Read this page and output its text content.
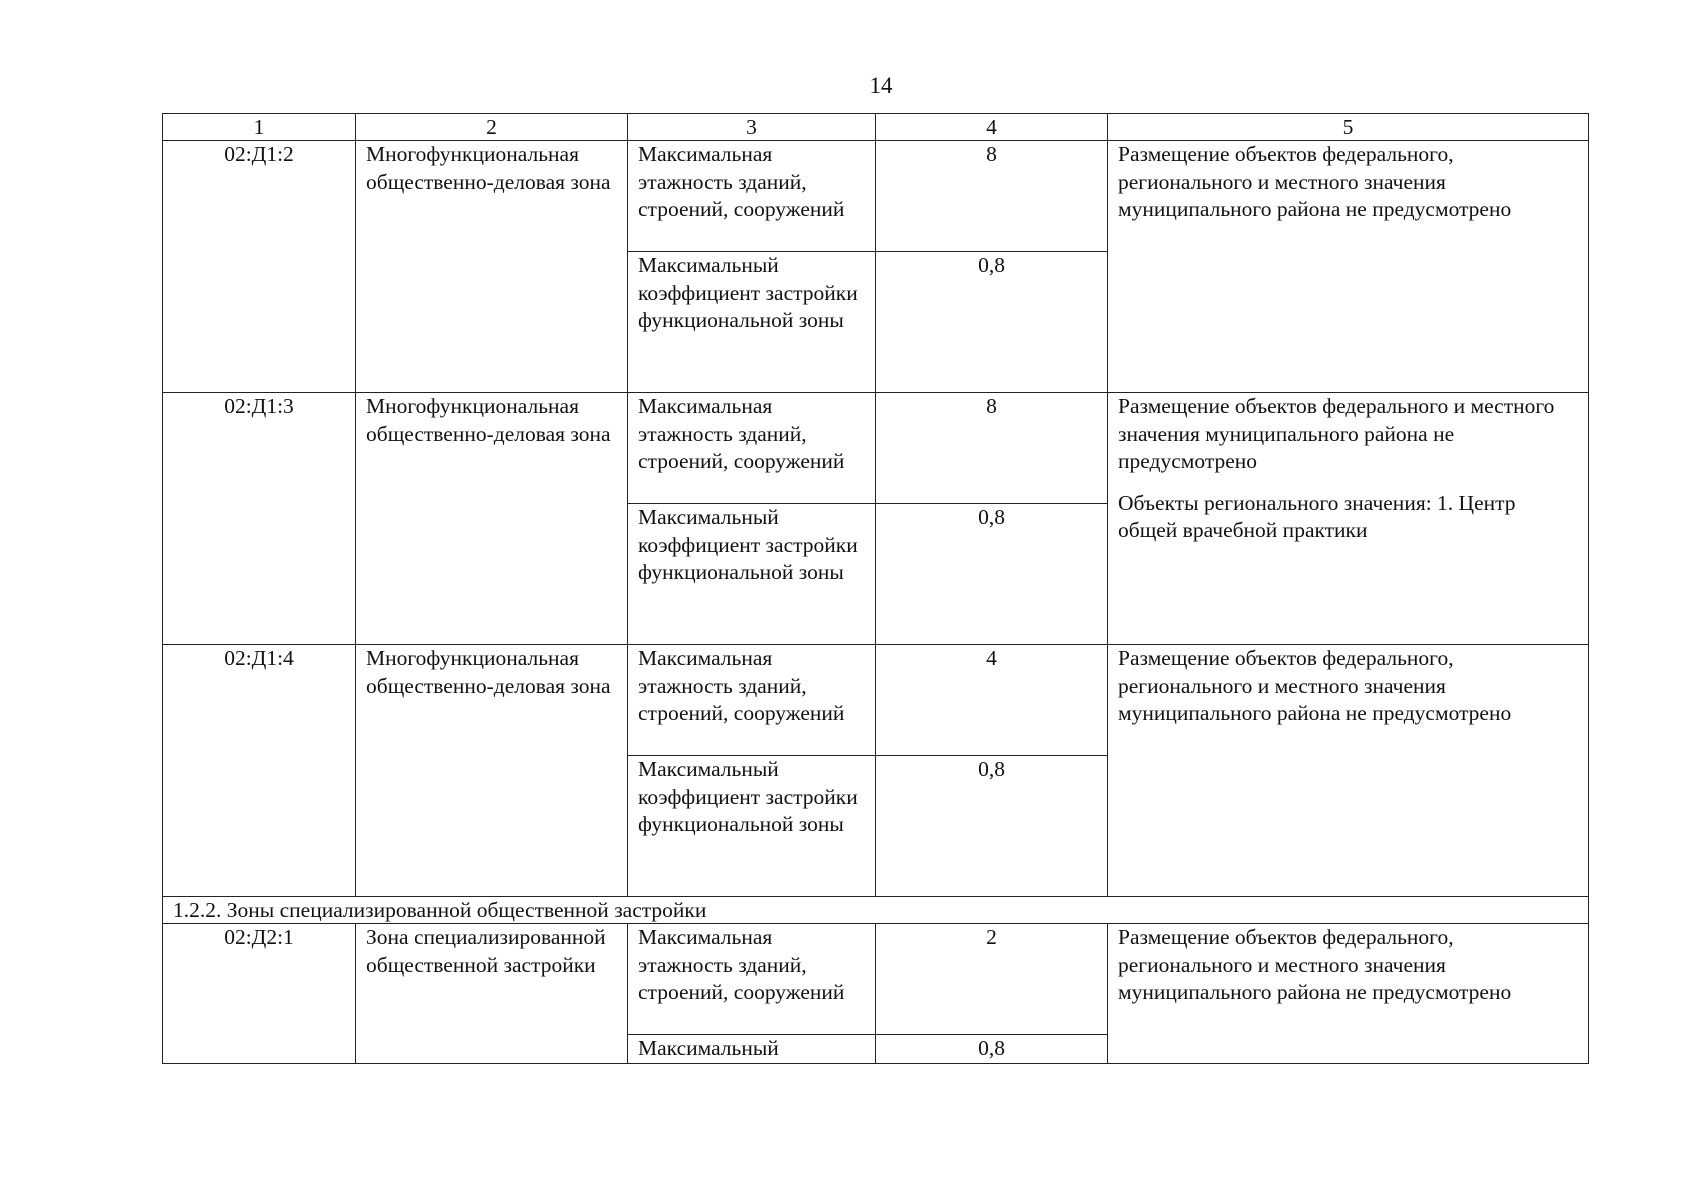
14
1	2	3	4	5
02:Д1:2	Многофункциональная общественно-деловая зона	Максимальная этажность зданий, строений, сооружений	8	Размещение объектов федерального, регионального и местного значения муниципального района не предусмотрено

		Максимальный коэффициент застройки функциональной зоны	0,8	
02:Д1:3	Многофункциональная общественно-деловая зона	Максимальная этажность зданий, строений, сооружений	8	Размещение объектов федерального и местного значения муниципального района не предусмотрено

Объекты регионального значения: 1. Центр общей врачебной практики

		Максимальный коэффициент застройки функциональной зоны	0,8	
02:Д1:4	Многофункциональная общественно-деловая зона	Максимальная этажность зданий, строений, сооружений	4	Размещение объектов федерального, регионального и местного значения муниципального района не предусмотрено

		Максимальный коэффициент застройки функциональной зоны	0,8	
1.2.2. Зоны специализированной общественной застройки				
02:Д2:1	Зона специализированной общественной застройки	Максимальная этажность зданий, строений, сооружений	2	Размещение объектов федерального, регионального и местного значения муниципального района не предусмотрено

		Максимальный	0,8	
